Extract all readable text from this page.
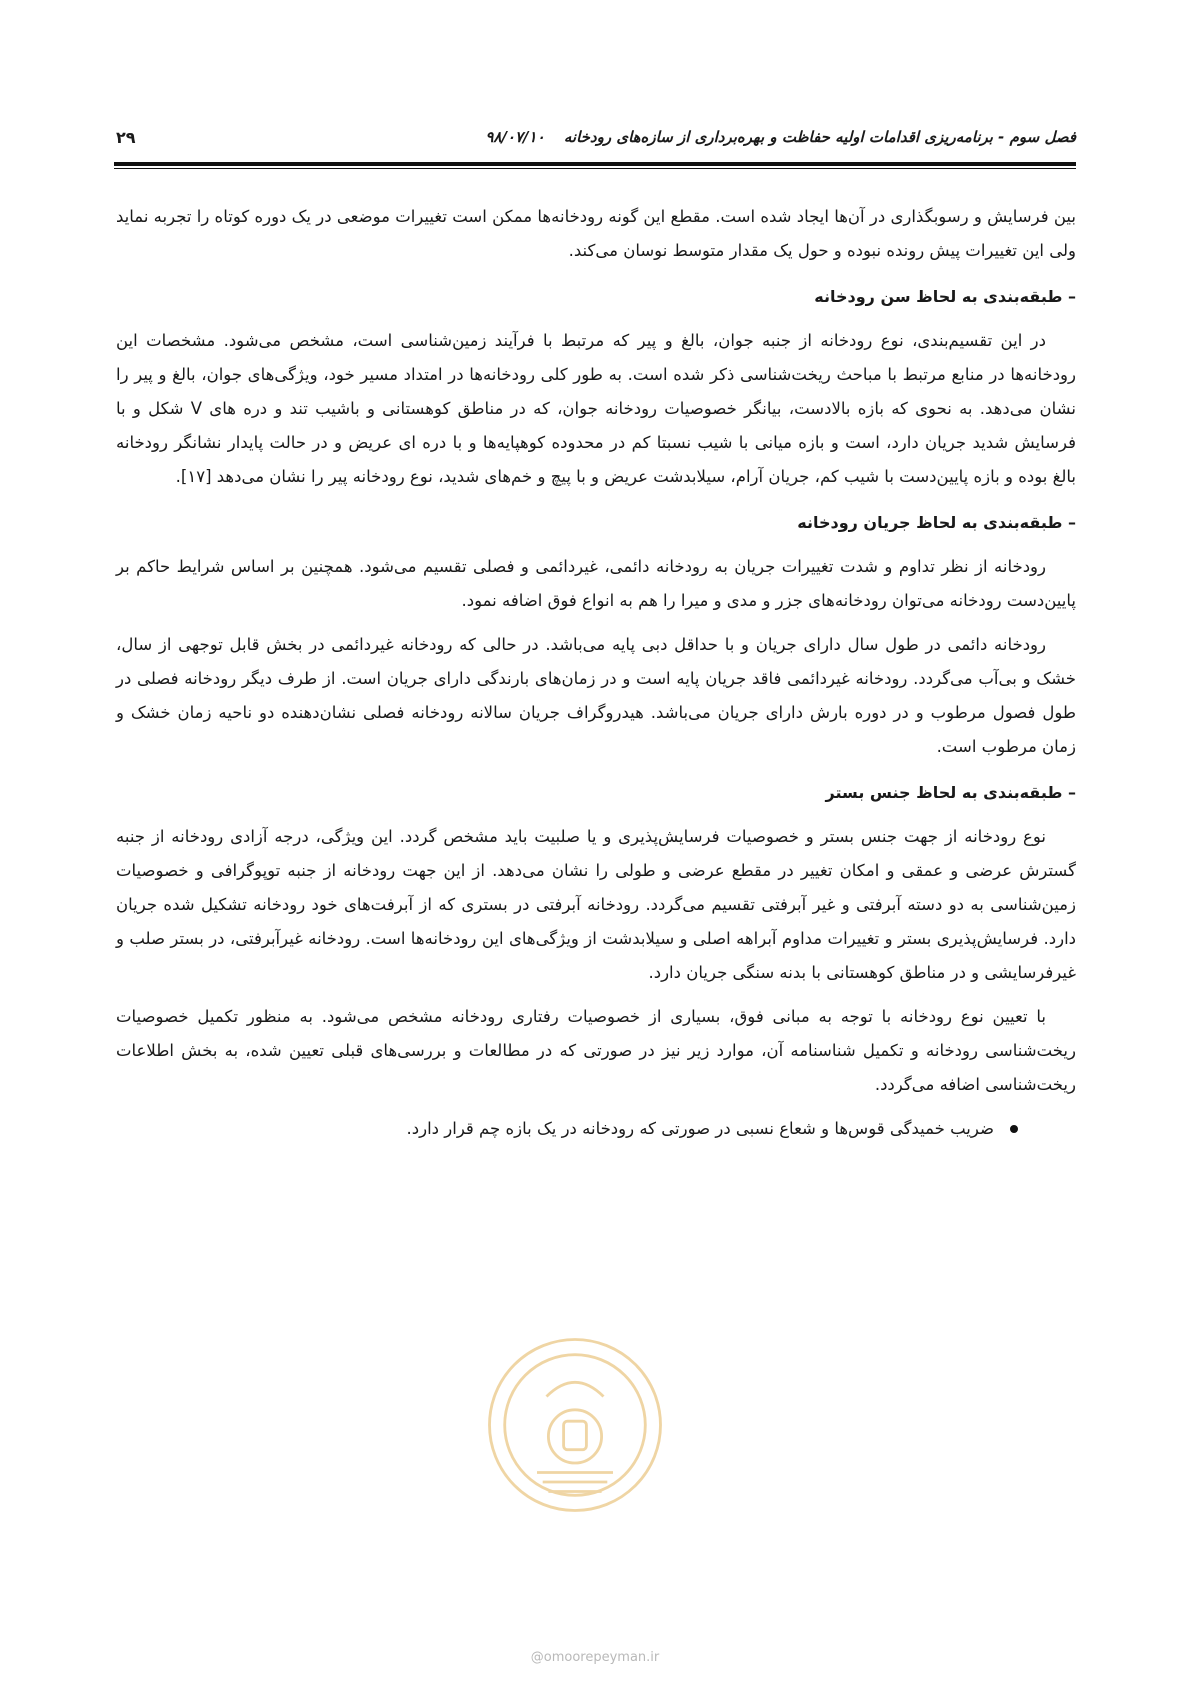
فصل سوم - برنامه‌ریزی اقدامات اولیه حفاظت و بهره‌برداری از سازه‌های رودخانه ۹۸/۰۷/۱۰
۲۹

بین فرسایش و رسوبگذاری در آن‌ها ایجاد شده است. مقطع این گونه رودخانه‌ها ممکن است تغییرات موضعی در یک دوره کوتاه را تجربه نماید ولی این تغییرات پیش رونده نبوده و حول یک مقدار متوسط نوسان می‌کند.

– طبقه‌بندی به لحاظ سن رودخانه

در این تقسیم‌بندی، نوع رودخانه از جنبه جوان، بالغ و پیر که مرتبط با فرآیند زمین‌شناسی است، مشخص می‌شود. مشخصات این رودخانه‌ها در منابع مرتبط با مباحث ریخت‌شناسی ذکر شده است. به طور کلی رودخانه‌ها در امتداد مسیر خود، ویژگی‌های جوان، بالغ و پیر را نشان می‌دهد. به نحوی که بازه بالادست، بیانگر خصوصیات رودخانه جوان، که در مناطق کوهستانی و باشیب تند و دره های V شکل و با فرسایش شدید جریان دارد، است و بازه میانی با شیب نسبتا کم در محدوده کوهپایه‌ها و با دره ای عریض و در حالت پایدار نشانگر رودخانه بالغ بوده و بازه پایین‌دست با شیب کم، جریان آرام، سیلابدشت عریض و با پیچ و خم‌های شدید، نوع رودخانه پیر را نشان می‌دهد [۱۷].

– طبقه‌بندی به لحاظ جریان رودخانه

رودخانه از نظر تداوم و شدت تغییرات جریان به رودخانه دائمی، غیردائمی و فصلی تقسیم می‌شود. همچنین بر اساس شرایط حاکم بر پایین‌دست رودخانه می‌توان رودخانه‌های جزر و مدی و میرا را هم به انواع فوق اضافه نمود.

رودخانه دائمی در طول سال دارای جریان و با حداقل دبی پایه می‌باشد. در حالی که رودخانه غیردائمی در بخش قابل توجهی از سال، خشک و بی‌آب می‌گردد. رودخانه غیردائمی فاقد جریان پایه است و در زمان‌های بارندگی دارای جریان است. از طرف دیگر رودخانه فصلی در طول فصول مرطوب و در دوره بارش دارای جریان می‌باشد. هیدروگراف جریان سالانه رودخانه فصلی نشان‌دهنده دو ناحیه زمان خشک و زمان مرطوب است.

– طبقه‌بندی به لحاظ جنس بستر

نوع رودخانه از جهت جنس بستر و خصوصیات فرسایش‌پذیری و یا صلبیت باید مشخص گردد. این ویژگی، درجه آزادی رودخانه از جنبه گسترش عرضی و عمقی و امکان تغییر در مقطع عرضی و طولی را نشان می‌دهد. از این جهت رودخانه از جنبه توپوگرافی و خصوصیات زمین‌شناسی به دو دسته آبرفتی و غیر آبرفتی تقسیم می‌گردد. رودخانه آبرفتی در بستری که از آبرفت‌های خود رودخانه تشکیل شده جریان دارد. فرسایش‌پذیری بستر و تغییرات مداوم آبراهه اصلی و سیلابدشت از ویژگی‌های این رودخانه‌ها است. رودخانه غیرآبرفتی، در بستر صلب و غیرفرسایشی و در مناطق کوهستانی با بدنه سنگی جریان دارد.

با تعیین نوع رودخانه با توجه به مبانی فوق، بسیاری از خصوصیات رفتاری رودخانه مشخص می‌شود. به منظور تکمیل خصوصیات ریخت‌شناسی رودخانه و تکمیل شناسنامه آن، موارد زیر نیز در صورتی که در مطالعات و بررسی‌های قبلی تعیین شده، به بخش اطلاعات ریخت‌شناسی اضافه می‌گردد.

ضریب خمیدگی قوس‌ها و شعاع نسبی در صورتی که رودخانه در یک بازه چم قرار دارد.
@omoorepeyman.ir
